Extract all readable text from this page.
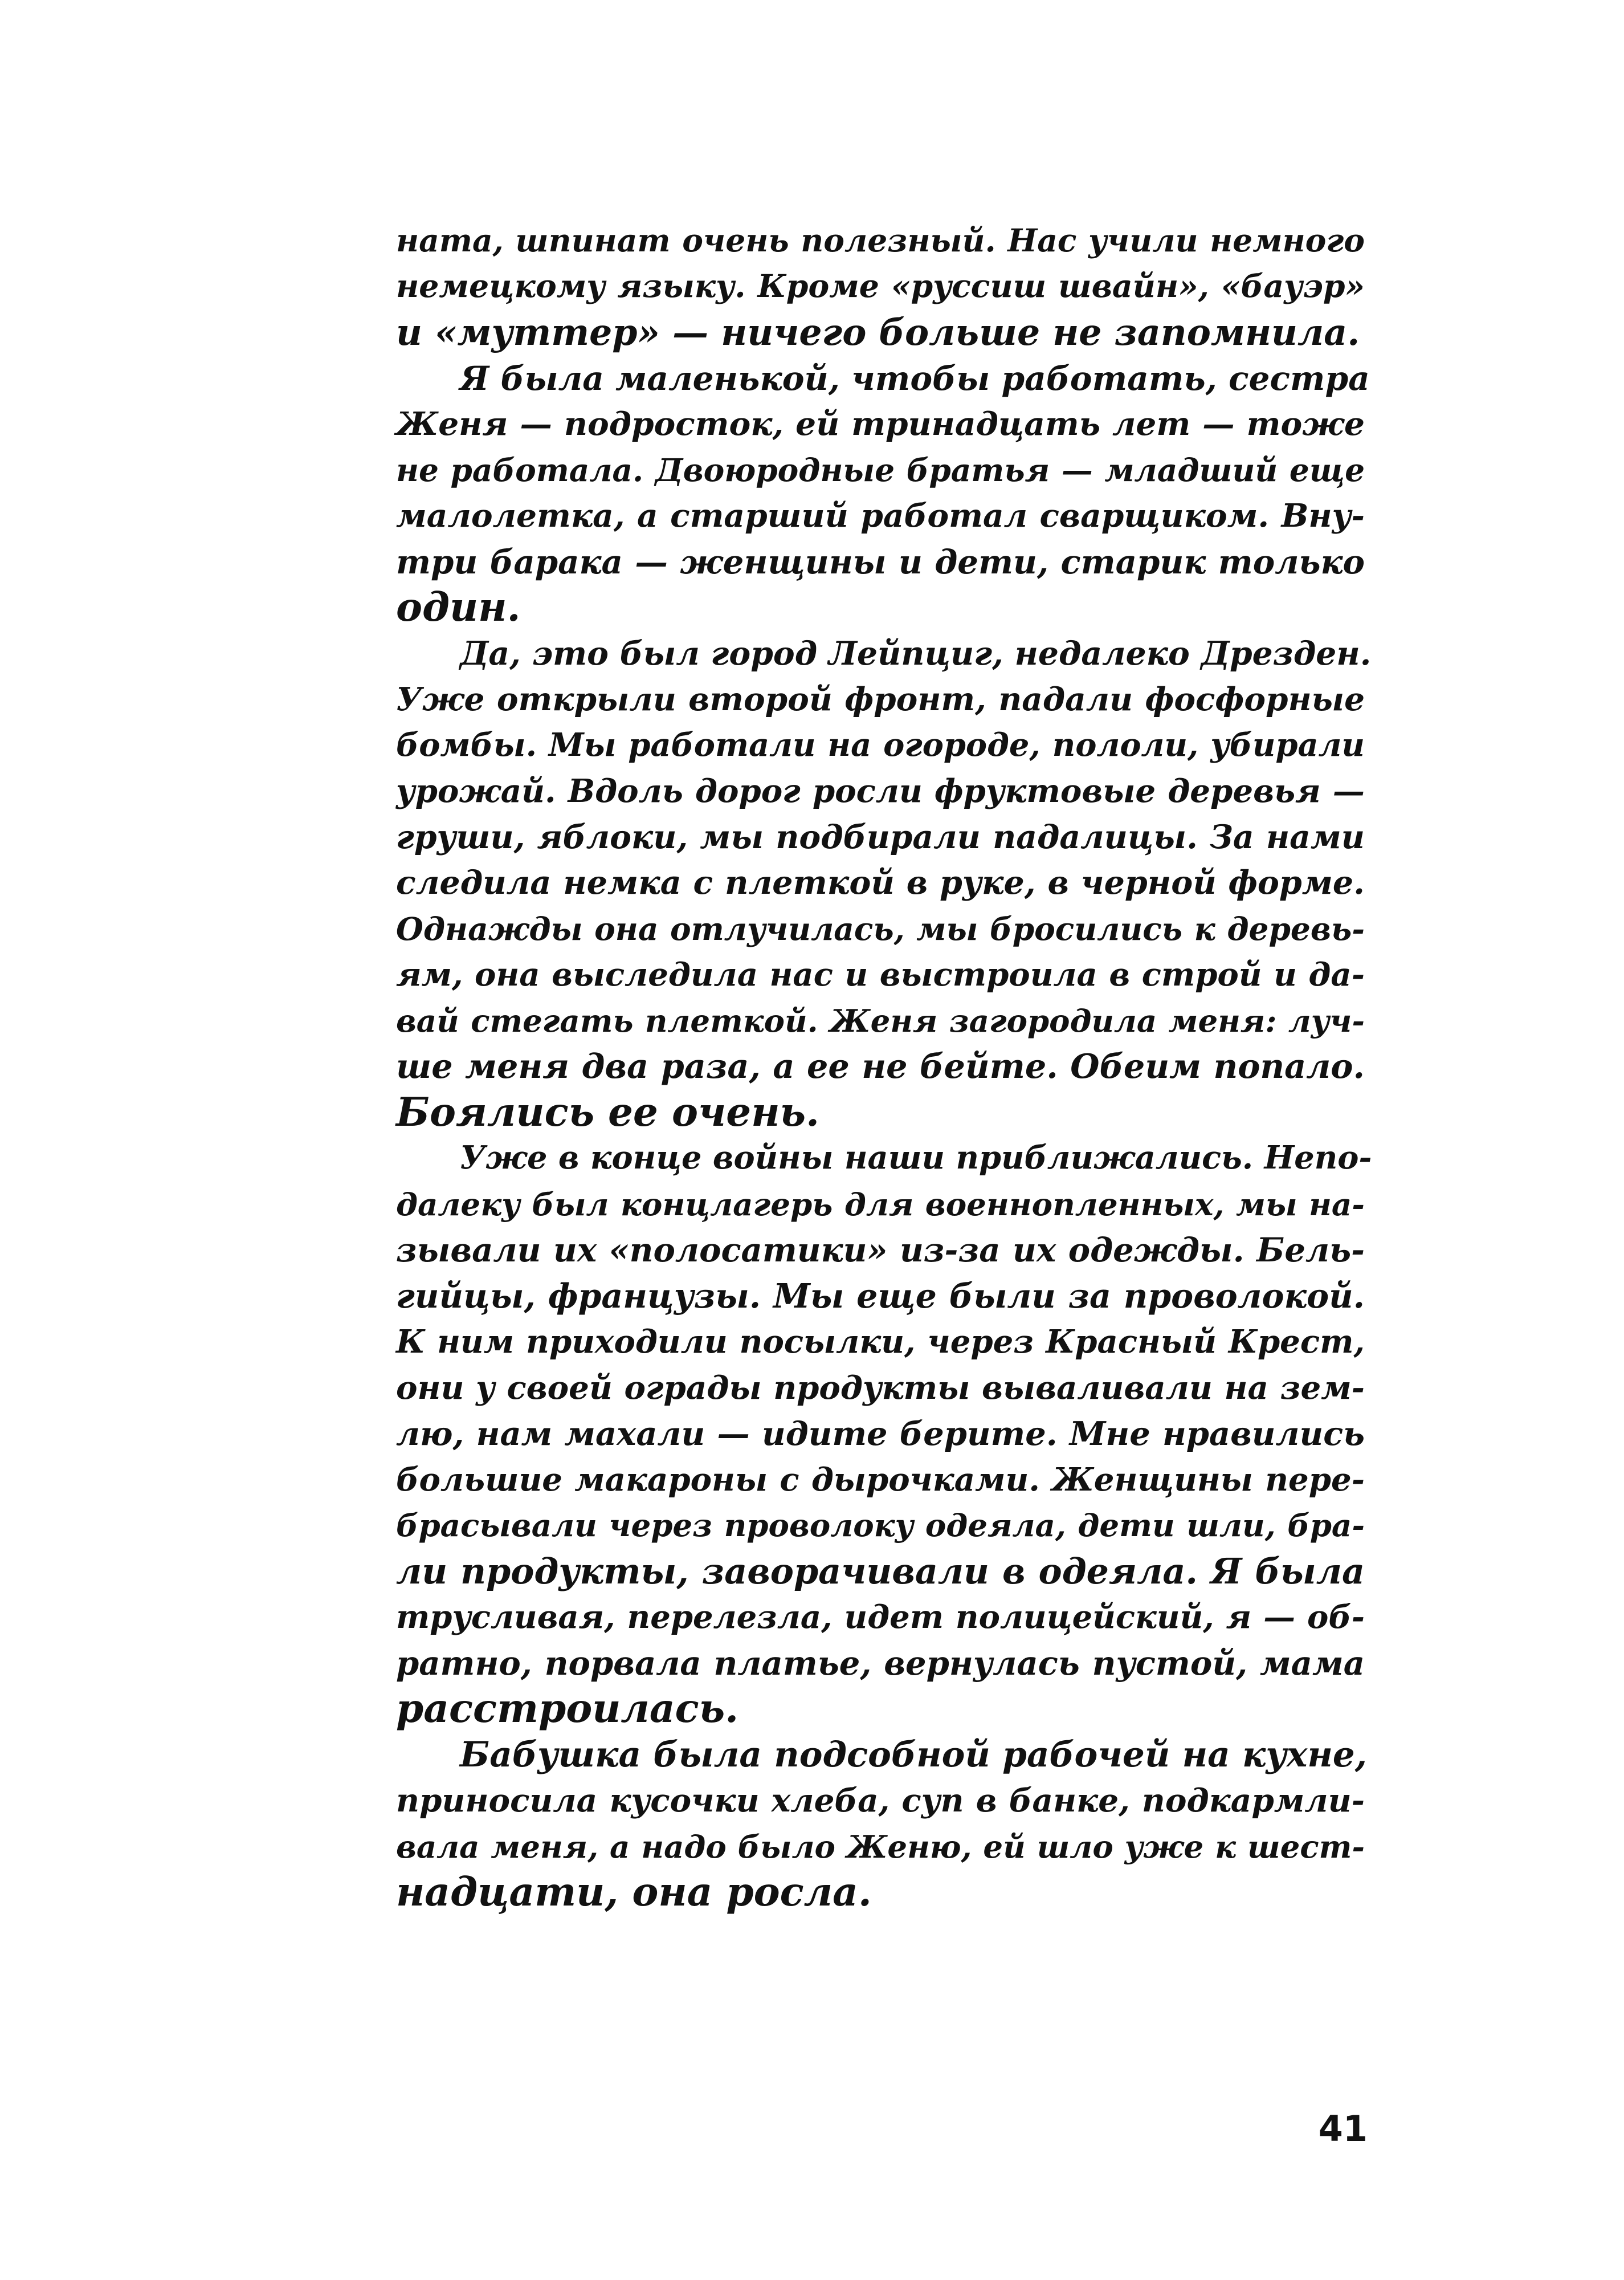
ната, шпинат очень полезный. Нас учили немного
немецкому языку. Кроме «руссиш швайн», «бауэр»
и «муттер» — ничего больше не запомнила.
Я была маленькой, чтобы работать, сестра
Женя — подросток, ей тринадцать лет — тоже
не работала. Двоюродные братья — младший еще
малолетка, а старший работал сварщиком. Вну-
три барака — женщины и дети, старик только
один.
Да, это был город Лейпциг, недалеко Дрезден.
Уже открыли второй фронт, падали фосфорные
бомбы. Мы работали на огороде, пололи, убирали
урожай. Вдоль дорог росли фруктовые деревья —
груши, яблоки, мы подбирали падалицы. За нами
следила немка с плеткой в руке, в черной форме.
Однажды она отлучилась, мы бросились к деревь-
ям, она выследила нас и выстроила в строй и да-
вай стегать плеткой. Женя загородила меня: луч-
ше меня два раза, а ее не бейте. Обеим попало.
Боялись ее очень.
Уже в конце войны наши приближались. Непо-
далеку был концлагерь для военнопленных, мы на-
зывали их «полосатики» из-за их одежды. Бель-
гийцы, французы. Мы еще были за проволокой.
К ним приходили посылки, через Красный Крест,
они у своей ограды продукты вываливали на зем-
лю, нам махали — идите берите. Мне нравились
большие макароны с дырочками. Женщины пере-
брасывали через проволоку одеяла, дети шли, бра-
ли продукты, заворачивали в одеяла. Я была
трусливая, перелезла, идет полицейский, я — об-
ратно, порвала платье, вернулась пустой, мама
расстроилась.
Бабушка была подсобной рабочей на кухне,
приносила кусочки хлеба, суп в банке, подкармли-
вала меня, а надо было Женю, ей шло уже к шест-
надцати, она росла.
41
